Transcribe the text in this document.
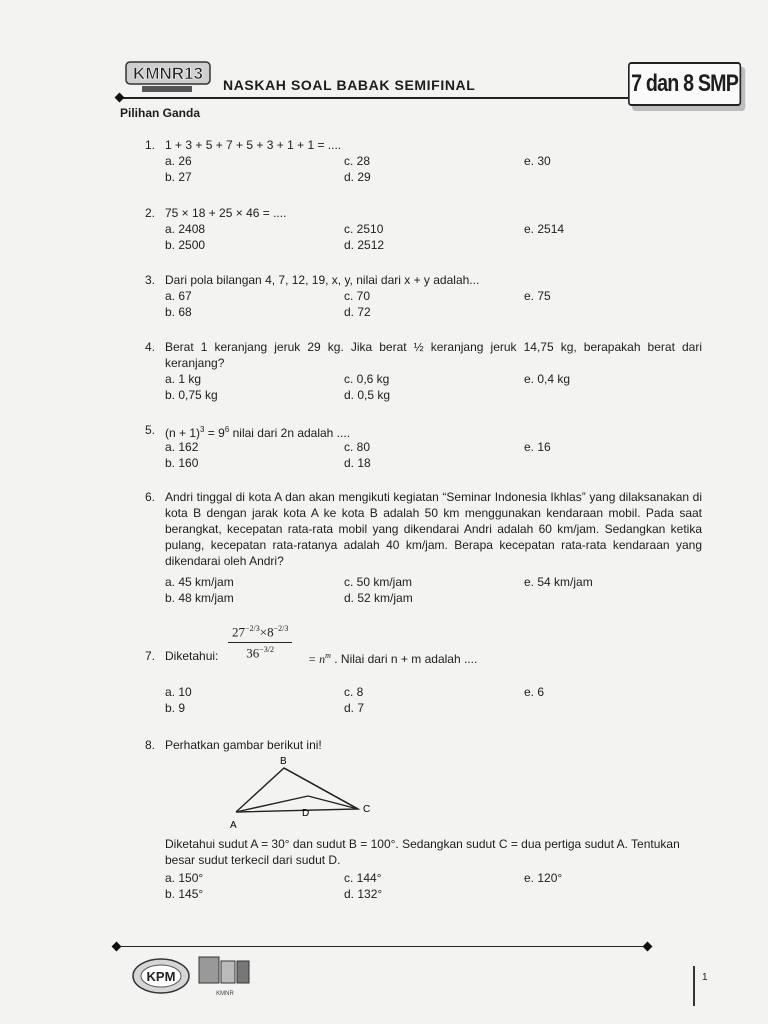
KMNR13
NASKAH SOAL BABAK SEMIFINAL	7 dan 8 SMP
Pilihan Ganda
1. 1 + 3 + 5 + 7 + 5 + 3 + 1 + 1 = ....
a. 26
b. 27
c. 28
d. 29
e. 30
2. 75 × 18 + 25 × 46 = ....
a. 2408
b. 2500
c. 2510
d. 2512
e. 2514
3. Dari pola bilangan 4, 7, 12, 19, x, y, nilai dari x + y adalah...
a. 67
b. 68
c. 70
d. 72
e. 75
4. Berat 1 keranjang jeruk 29 kg. Jika berat ½ keranjang jeruk 14,75 kg, berapakah berat dari keranjang?
a. 1 kg
b. 0,75 kg
c. 0,6 kg
d. 0,5 kg
e. 0,4 kg
5. $(n + 1)^3 = 9^6$ nilai dari 2n adalah ....
a. 162
b. 160
c. 80
d. 18
e. 16
6. Andri tinggal di kota A dan akan mengikuti kegiatan “Seminar Indonesia Ikhlas” yang dilaksanakan di kota B dengan jarak kota A ke kota B adalah 50 km menggunakan kendaraan mobil. Pada saat berangkat, kecepatan rata-rata mobil yang dikendarai Andri adalah 60 km/jam. Sedangkan ketika pulang, kecepatan rata-ratanya adalah 40 km/jam. Berapa kecepatan rata-rata kendaraan yang dikendarai oleh Andri?
a. 45 km/jam
b. 48 km/jam
c. 50 km/jam
d. 52 km/jam
e. 54 km/jam
7. Diketahui: $\frac{27^{-2/3}\times 8^{-2/3}}{36^{-3/2}} = n^m$ . Nilai dari n + m adalah ....
a. 10
b. 9
c. 8
d. 7
e. 6
8. Perhatkan gambar berikut ini!
A
B
C
D
Diketahui sudut A = 30° dan sudut B = 100°. Sedangkan sudut C = dua pertiga sudut A. Tentukan besar sudut terkecil dari sudut D.
a. 150°
b. 145°
c. 144°
d. 132°
e. 120°
KPM
KMNR
1
